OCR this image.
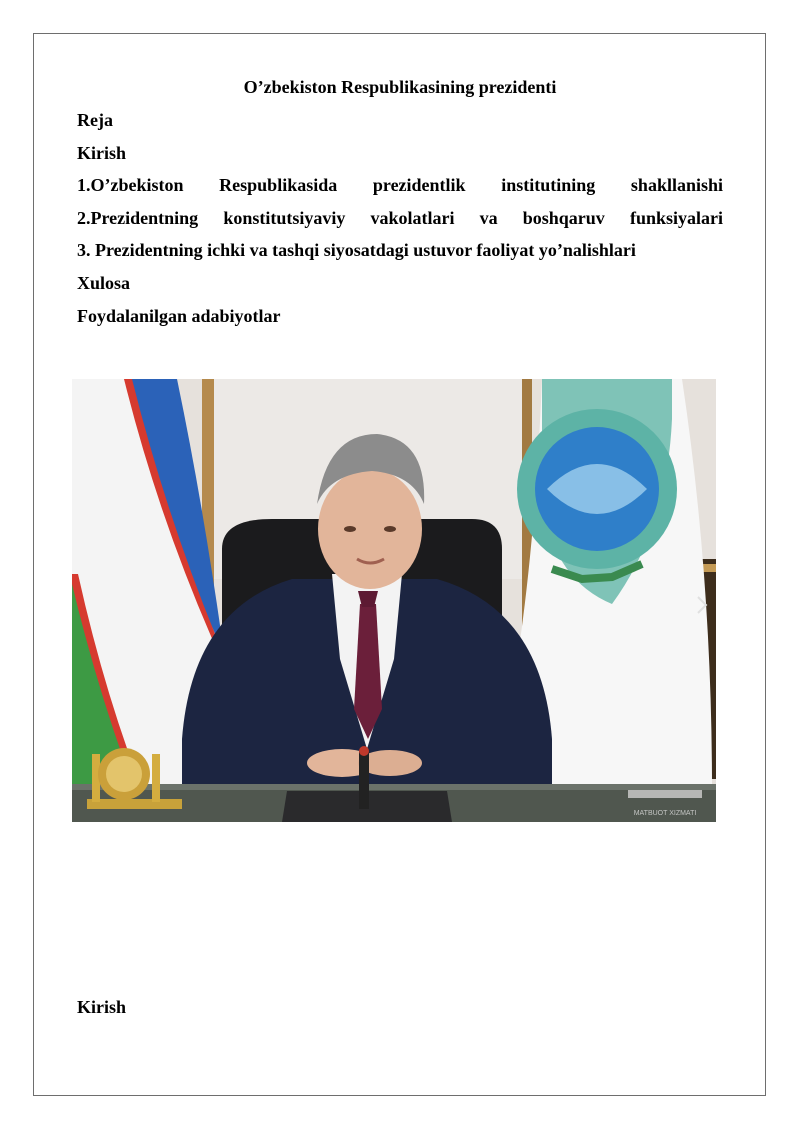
O’zbekiston Respublikasining prezidenti
Reja
Kirish
1.O’zbekiston Respublikasida prezidentlik institutining shakllanishi
2.Prezidentning konstitutsiyaviy vakolatlari va boshqaruv funksiyalari
3. Prezidentning ichki va tashqi siyosatdagi ustuvor faoliyat yo’nalishlari
Xulosa
Foydalanilgan adabiyotlar
MATBUOT XIZMATI
Kirish
